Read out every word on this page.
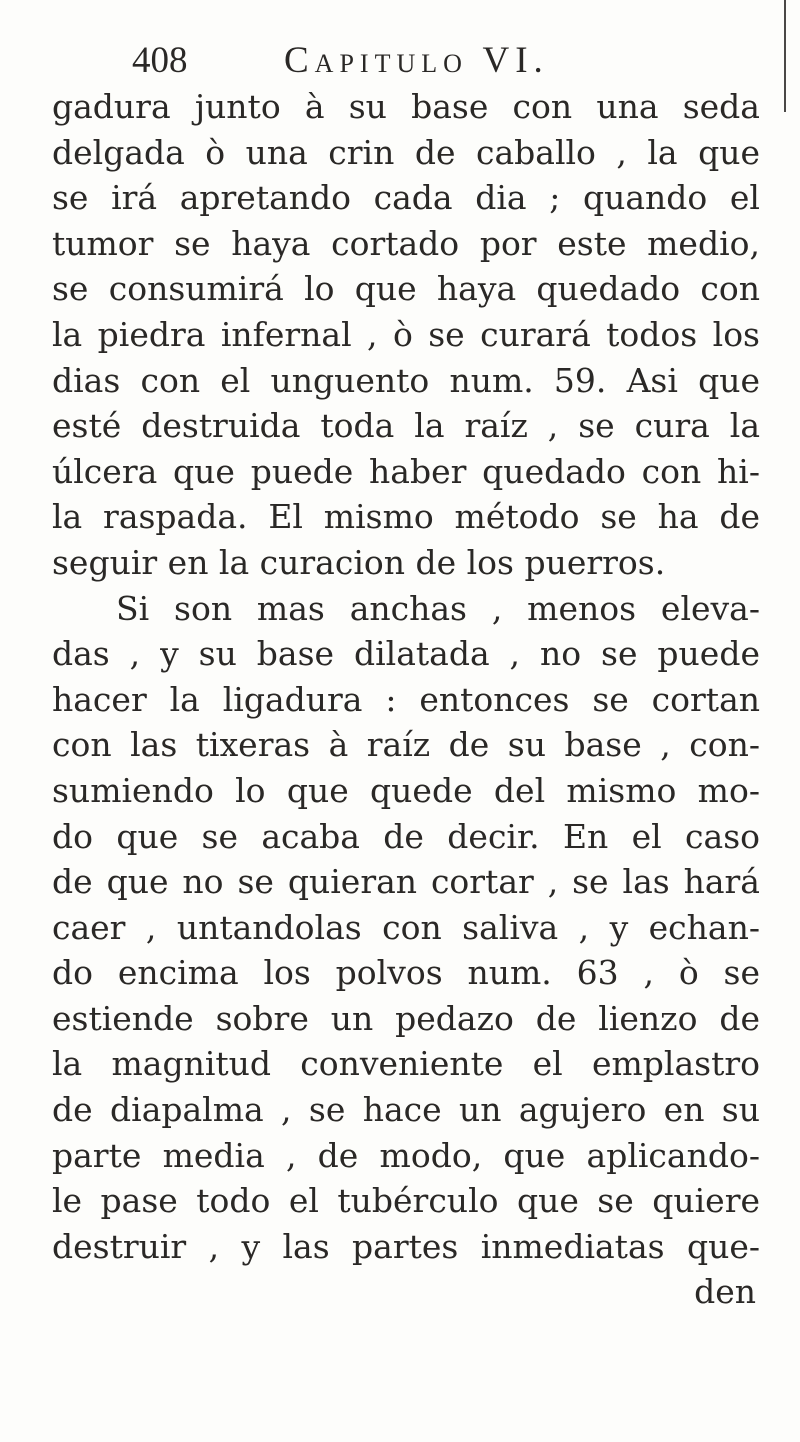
408	Capitulo VI.
gadura junto à su base con una seda
delgada ò una crin de caballo , la que
se irá apretando cada dia ; quando el
tumor se haya cortado por este medio,
se consumirá lo que haya quedado con
la piedra infernal , ò se curará todos los
dias con el unguento num. 59. Asi que
esté destruida toda la raíz , se cura la
úlcera que puede haber quedado con hi-
la raspada. El mismo método se ha de
seguir en la curacion de los puerros.
Si son mas anchas , menos eleva-
das , y su base dilatada , no se puede
hacer la ligadura : entonces se cortan
con las tixeras à raíz de su base , con-
sumiendo lo que quede del mismo mo-
do que se acaba de decir. En el caso
de que no se quieran cortar , se las hará
caer , untandolas con saliva , y echan-
do encima los polvos num. 63 , ò se
estiende sobre un pedazo de lienzo de
la magnitud conveniente el emplastro
de diapalma , se hace un agujero en su
parte media , de modo, que aplicando-
le pase todo el tubérculo que se quiere
destruir , y las partes inmediatas que-
den
